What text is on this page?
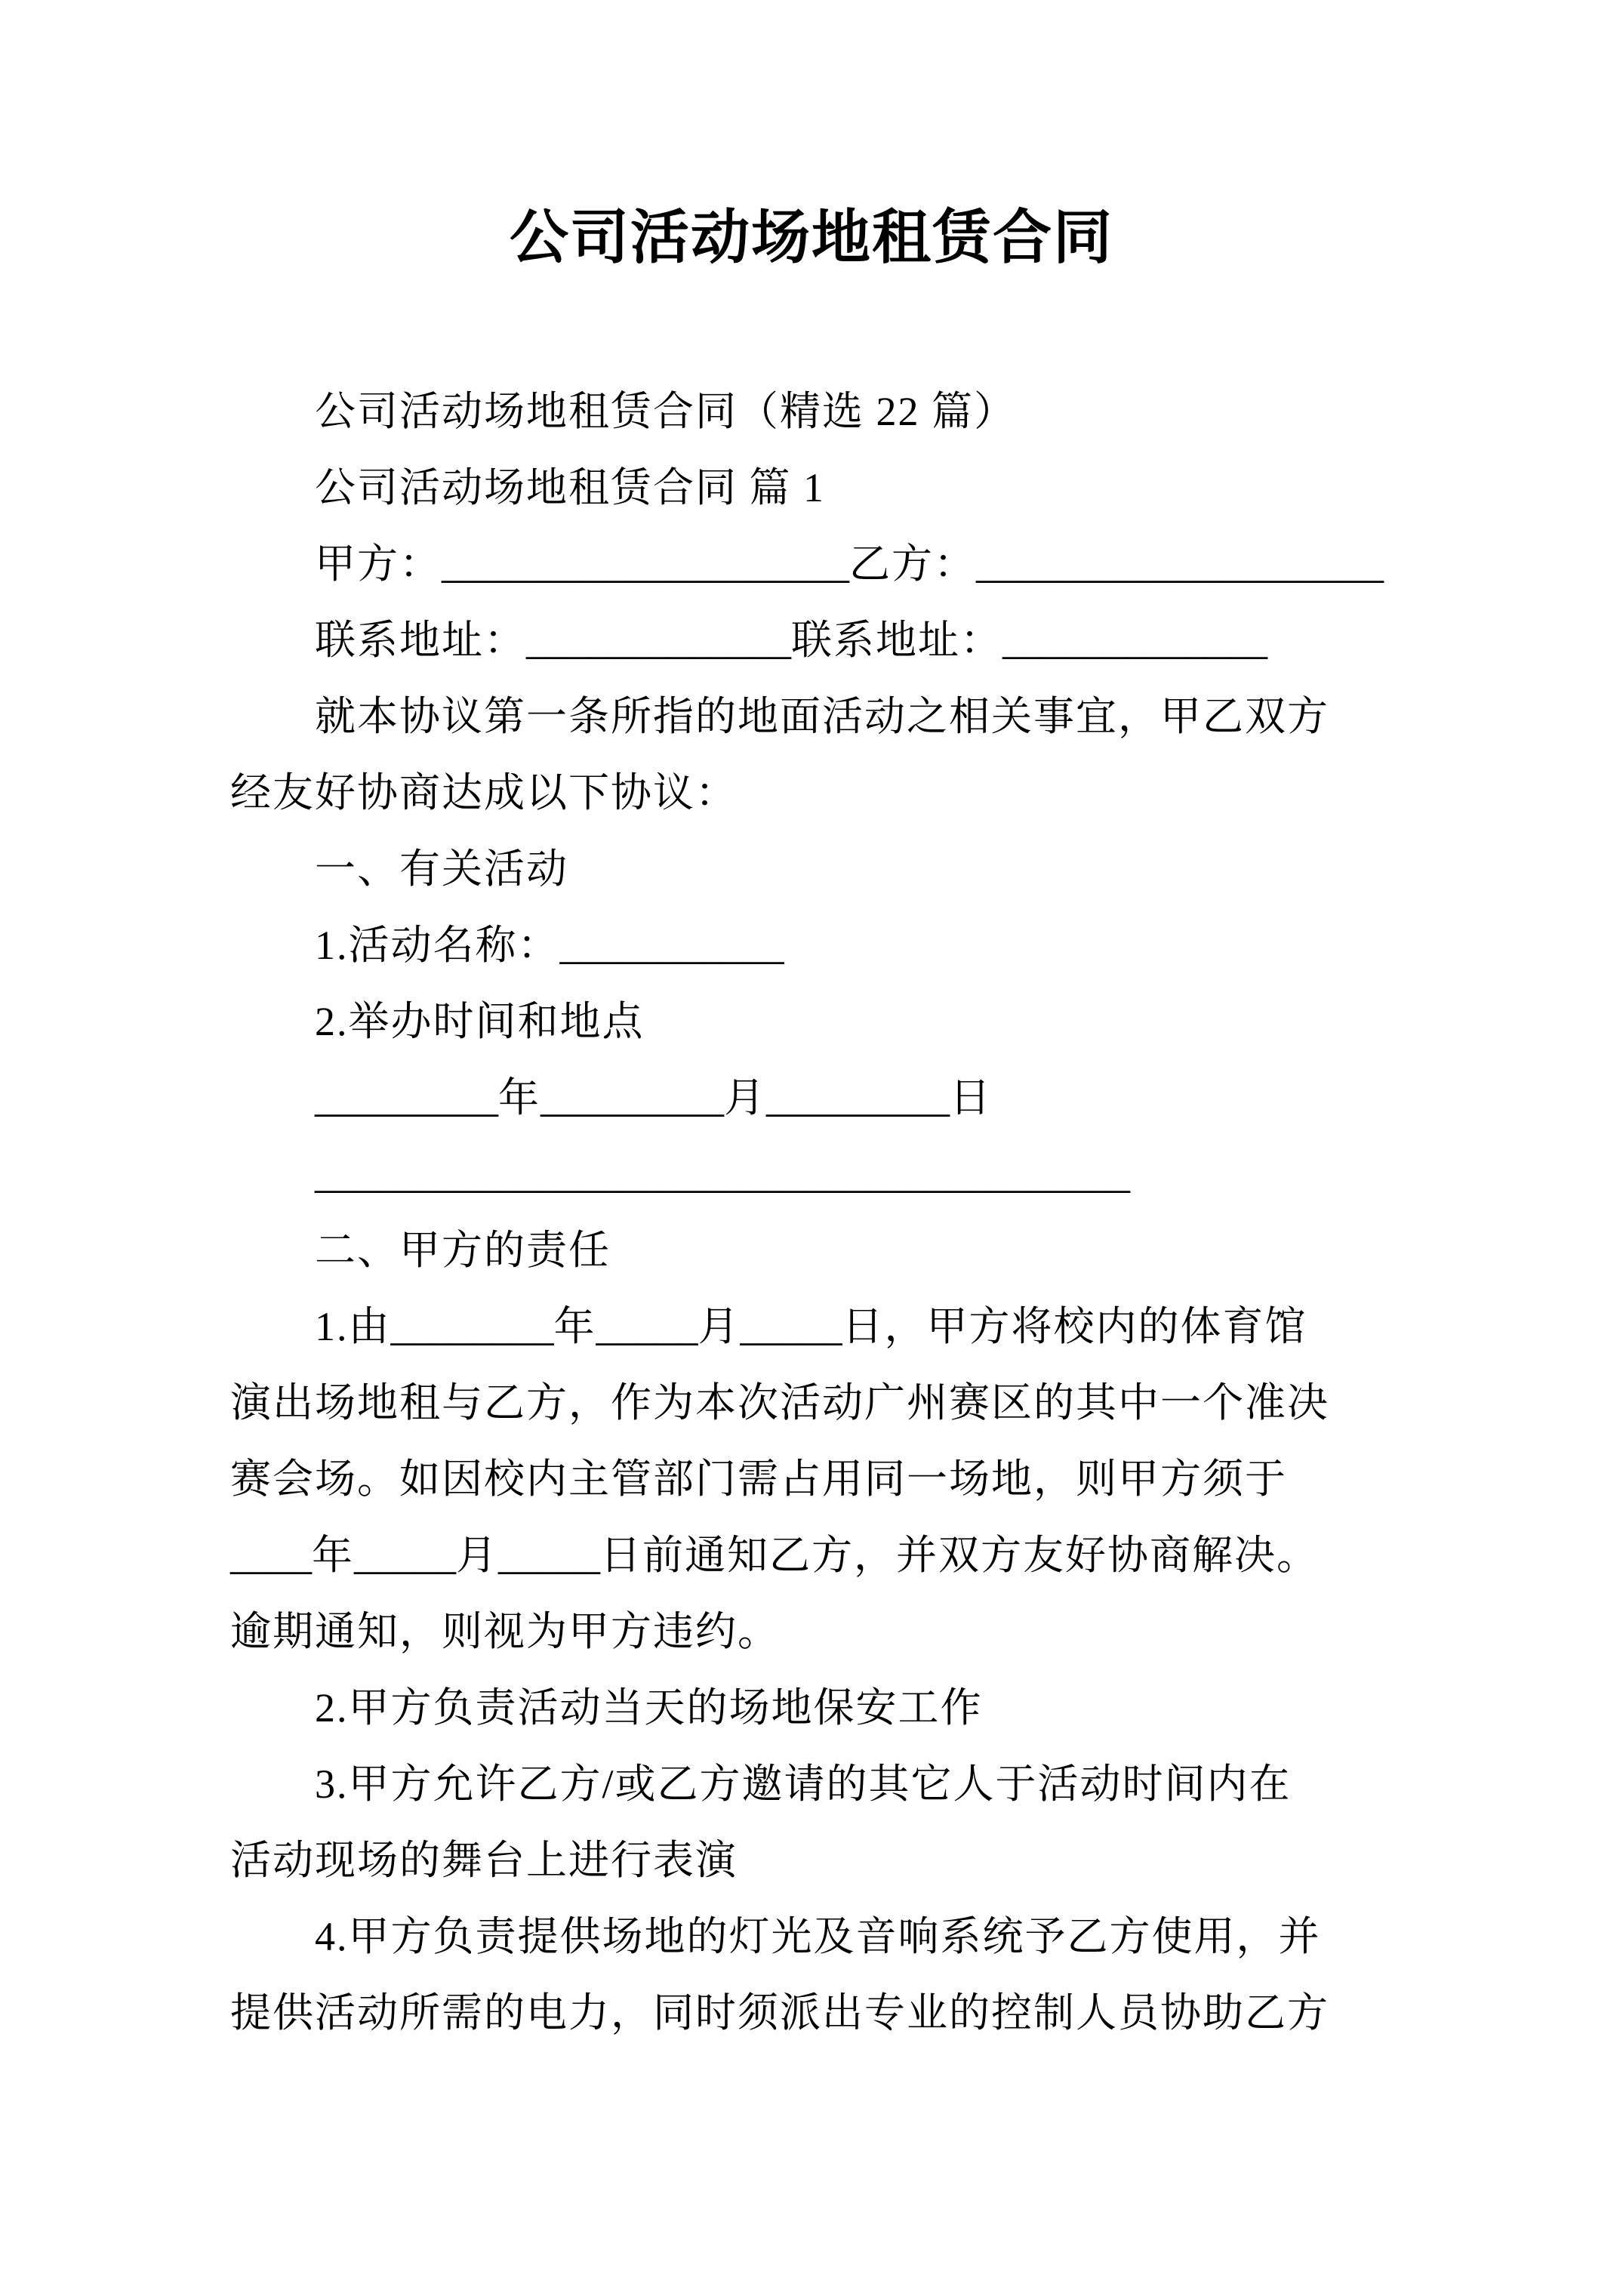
公司活动场地租赁合同
公司活动场地租赁合同（精选 22 篇）
公司活动场地租赁合同 篇 1
甲方：____________________乙方：____________________
联系地址：_____________联系地址：_____________
就本协议第一条所指的地面活动之相关事宜，甲乙双方
经友好协商达成以下协议：
一、有关活动
1.活动名称：___________
2.举办时间和地点
_________年_________月_________日
________________________________________
二、甲方的责任
1.由________年_____月_____日，甲方将校内的体育馆
演出场地租与乙方，作为本次活动广州赛区的其中一个准决
赛会场。如因校内主管部门需占用同一场地，则甲方须于
____年_____月_____日前通知乙方，并双方友好协商解决。
逾期通知，则视为甲方违约。
2.甲方负责活动当天的场地保安工作
3.甲方允许乙方/或乙方邀请的其它人于活动时间内在
活动现场的舞台上进行表演
4.甲方负责提供场地的灯光及音响系统予乙方使用，并
提供活动所需的电力，同时须派出专业的控制人员协助乙方
